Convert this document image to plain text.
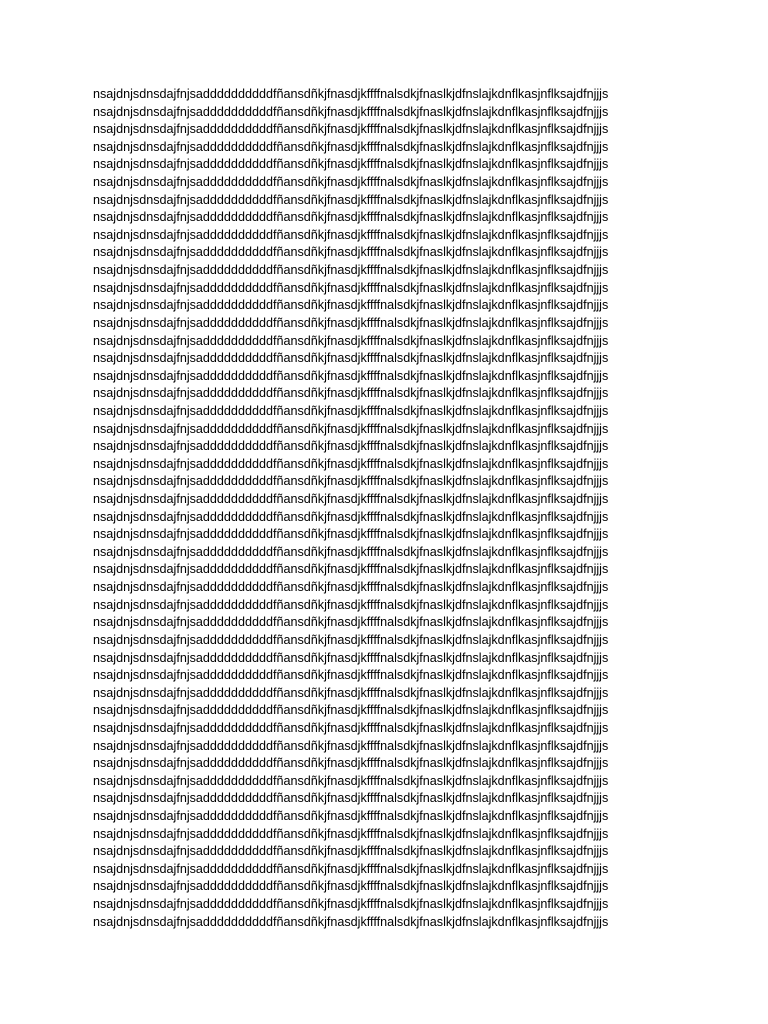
nsajdnjsdnsdajfnjsaddddddddddfñansdñkjfnasdjkffffnalsdkjfnaslkjdfnslajkdnflkasjnflksajdfnjjjs
nsajdnjsdnsdajfnjsaddddddddddfñansdñkjfnasdjkffffnalsdkjfnaslkjdfnslajkdnflkasjnflksajdfnjjjs
nsajdnjsdnsdajfnjsaddddddddddfñansdñkjfnasdjkffffnalsdkjfnaslkjdfnslajkdnflkasjnflksajdfnjjjs
nsajdnjsdnsdajfnjsaddddddddddfñansdñkjfnasdjkffffnalsdkjfnaslkjdfnslajkdnflkasjnflksajdfnjjjs
nsajdnjsdnsdajfnjsaddddddddddfñansdñkjfnasdjkffffnalsdkjfnaslkjdfnslajkdnflkasjnflksajdfnjjjs
nsajdnjsdnsdajfnjsaddddddddddfñansdñkjfnasdjkffffnalsdkjfnaslkjdfnslajkdnflkasjnflksajdfnjjjs
nsajdnjsdnsdajfnjsaddddddddddfñansdñkjfnasdjkffffnalsdkjfnaslkjdfnslajkdnflkasjnflksajdfnjjjs
nsajdnjsdnsdajfnjsaddddddddddfñansdñkjfnasdjkffffnalsdkjfnaslkjdfnslajkdnflkasjnflksajdfnjjjs
nsajdnjsdnsdajfnjsaddddddddddfñansdñkjfnasdjkffffnalsdkjfnaslkjdfnslajkdnflkasjnflksajdfnjjjs
nsajdnjsdnsdajfnjsaddddddddddfñansdñkjfnasdjkffffnalsdkjfnaslkjdfnslajkdnflkasjnflksajdfnjjjs
nsajdnjsdnsdajfnjsaddddddddddfñansdñkjfnasdjkffffnalsdkjfnaslkjdfnslajkdnflkasjnflksajdfnjjjs
nsajdnjsdnsdajfnjsaddddddddddfñansdñkjfnasdjkffffnalsdkjfnaslkjdfnslajkdnflkasjnflksajdfnjjjs
nsajdnjsdnsdajfnjsaddddddddddfñansdñkjfnasdjkffffnalsdkjfnaslkjdfnslajkdnflkasjnflksajdfnjjjs
nsajdnjsdnsdajfnjsaddddddddddfñansdñkjfnasdjkffffnalsdkjfnaslkjdfnslajkdnflkasjnflksajdfnjjjs
nsajdnjsdnsdajfnjsaddddddddddfñansdñkjfnasdjkffffnalsdkjfnaslkjdfnslajkdnflkasjnflksajdfnjjjs
nsajdnjsdnsdajfnjsaddddddddddfñansdñkjfnasdjkffffnalsdkjfnaslkjdfnslajkdnflkasjnflksajdfnjjjs
nsajdnjsdnsdajfnjsaddddddddddfñansdñkjfnasdjkffffnalsdkjfnaslkjdfnslajkdnflkasjnflksajdfnjjjs
nsajdnjsdnsdajfnjsaddddddddddfñansdñkjfnasdjkffffnalsdkjfnaslkjdfnslajkdnflkasjnflksajdfnjjjs
nsajdnjsdnsdajfnjsaddddddddddfñansdñkjfnasdjkffffnalsdkjfnaslkjdfnslajkdnflkasjnflksajdfnjjjs
nsajdnjsdnsdajfnjsaddddddddddfñansdñkjfnasdjkffffnalsdkjfnaslkjdfnslajkdnflkasjnflksajdfnjjjs
nsajdnjsdnsdajfnjsaddddddddddfñansdñkjfnasdjkffffnalsdkjfnaslkjdfnslajkdnflkasjnflksajdfnjjjs
nsajdnjsdnsdajfnjsaddddddddddfñansdñkjfnasdjkffffnalsdkjfnaslkjdfnslajkdnflkasjnflksajdfnjjjs
nsajdnjsdnsdajfnjsaddddddddddfñansdñkjfnasdjkffffnalsdkjfnaslkjdfnslajkdnflkasjnflksajdfnjjjs
nsajdnjsdnsdajfnjsaddddddddddfñansdñkjfnasdjkffffnalsdkjfnaslkjdfnslajkdnflkasjnflksajdfnjjjs
nsajdnjsdnsdajfnjsaddddddddddfñansdñkjfnasdjkffffnalsdkjfnaslkjdfnslajkdnflkasjnflksajdfnjjjs
nsajdnjsdnsdajfnjsaddddddddddfñansdñkjfnasdjkffffnalsdkjfnaslkjdfnslajkdnflkasjnflksajdfnjjjs
nsajdnjsdnsdajfnjsaddddddddddfñansdñkjfnasdjkffffnalsdkjfnaslkjdfnslajkdnflkasjnflksajdfnjjjs
nsajdnjsdnsdajfnjsaddddddddddfñansdñkjfnasdjkffffnalsdkjfnaslkjdfnslajkdnflkasjnflksajdfnjjjs
nsajdnjsdnsdajfnjsaddddddddddfñansdñkjfnasdjkffffnalsdkjfnaslkjdfnslajkdnflkasjnflksajdfnjjjs
nsajdnjsdnsdajfnjsaddddddddddfñansdñkjfnasdjkffffnalsdkjfnaslkjdfnslajkdnflkasjnflksajdfnjjjs
nsajdnjsdnsdajfnjsaddddddddddfñansdñkjfnasdjkffffnalsdkjfnaslkjdfnslajkdnflkasjnflksajdfnjjjs
nsajdnjsdnsdajfnjsaddddddddddfñansdñkjfnasdjkffffnalsdkjfnaslkjdfnslajkdnflkasjnflksajdfnjjjs
nsajdnjsdnsdajfnjsaddddddddddfñansdñkjfnasdjkffffnalsdkjfnaslkjdfnslajkdnflkasjnflksajdfnjjjs
nsajdnjsdnsdajfnjsaddddddddddfñansdñkjfnasdjkffffnalsdkjfnaslkjdfnslajkdnflkasjnflksajdfnjjjs
nsajdnjsdnsdajfnjsaddddddddddfñansdñkjfnasdjkffffnalsdkjfnaslkjdfnslajkdnflkasjnflksajdfnjjjs
nsajdnjsdnsdajfnjsaddddddddddfñansdñkjfnasdjkffffnalsdkjfnaslkjdfnslajkdnflkasjnflksajdfnjjjs
nsajdnjsdnsdajfnjsaddddddddddfñansdñkjfnasdjkffffnalsdkjfnaslkjdfnslajkdnflkasjnflksajdfnjjjs
nsajdnjsdnsdajfnjsaddddddddddfñansdñkjfnasdjkffffnalsdkjfnaslkjdfnslajkdnflkasjnflksajdfnjjjs
nsajdnjsdnsdajfnjsaddddddddddfñansdñkjfnasdjkffffnalsdkjfnaslkjdfnslajkdnflkasjnflksajdfnjjjs
nsajdnjsdnsdajfnjsaddddddddddfñansdñkjfnasdjkffffnalsdkjfnaslkjdfnslajkdnflkasjnflksajdfnjjjs
nsajdnjsdnsdajfnjsaddddddddddfñansdñkjfnasdjkffffnalsdkjfnaslkjdfnslajkdnflkasjnflksajdfnjjjs
nsajdnjsdnsdajfnjsaddddddddddfñansdñkjfnasdjkffffnalsdkjfnaslkjdfnslajkdnflkasjnflksajdfnjjjs
nsajdnjsdnsdajfnjsaddddddddddfñansdñkjfnasdjkffffnalsdkjfnaslkjdfnslajkdnflkasjnflksajdfnjjjs
nsajdnjsdnsdajfnjsaddddddddddfñansdñkjfnasdjkffffnalsdkjfnaslkjdfnslajkdnflkasjnflksajdfnjjjs
nsajdnjsdnsdajfnjsaddddddddddfñansdñkjfnasdjkffffnalsdkjfnaslkjdfnslajkdnflkasjnflksajdfnjjjs
nsajdnjsdnsdajfnjsaddddddddddfñansdñkjfnasdjkffffnalsdkjfnaslkjdfnslajkdnflkasjnflksajdfnjjjs
nsajdnjsdnsdajfnjsaddddddddddfñansdñkjfnasdjkffffnalsdkjfnaslkjdfnslajkdnflkasjnflksajdfnjjjs
nsajdnjsdnsdajfnjsaddddddddddfñansdñkjfnasdjkffffnalsdkjfnaslkjdfnslajkdnflkasjnflksajdfnjjjs
